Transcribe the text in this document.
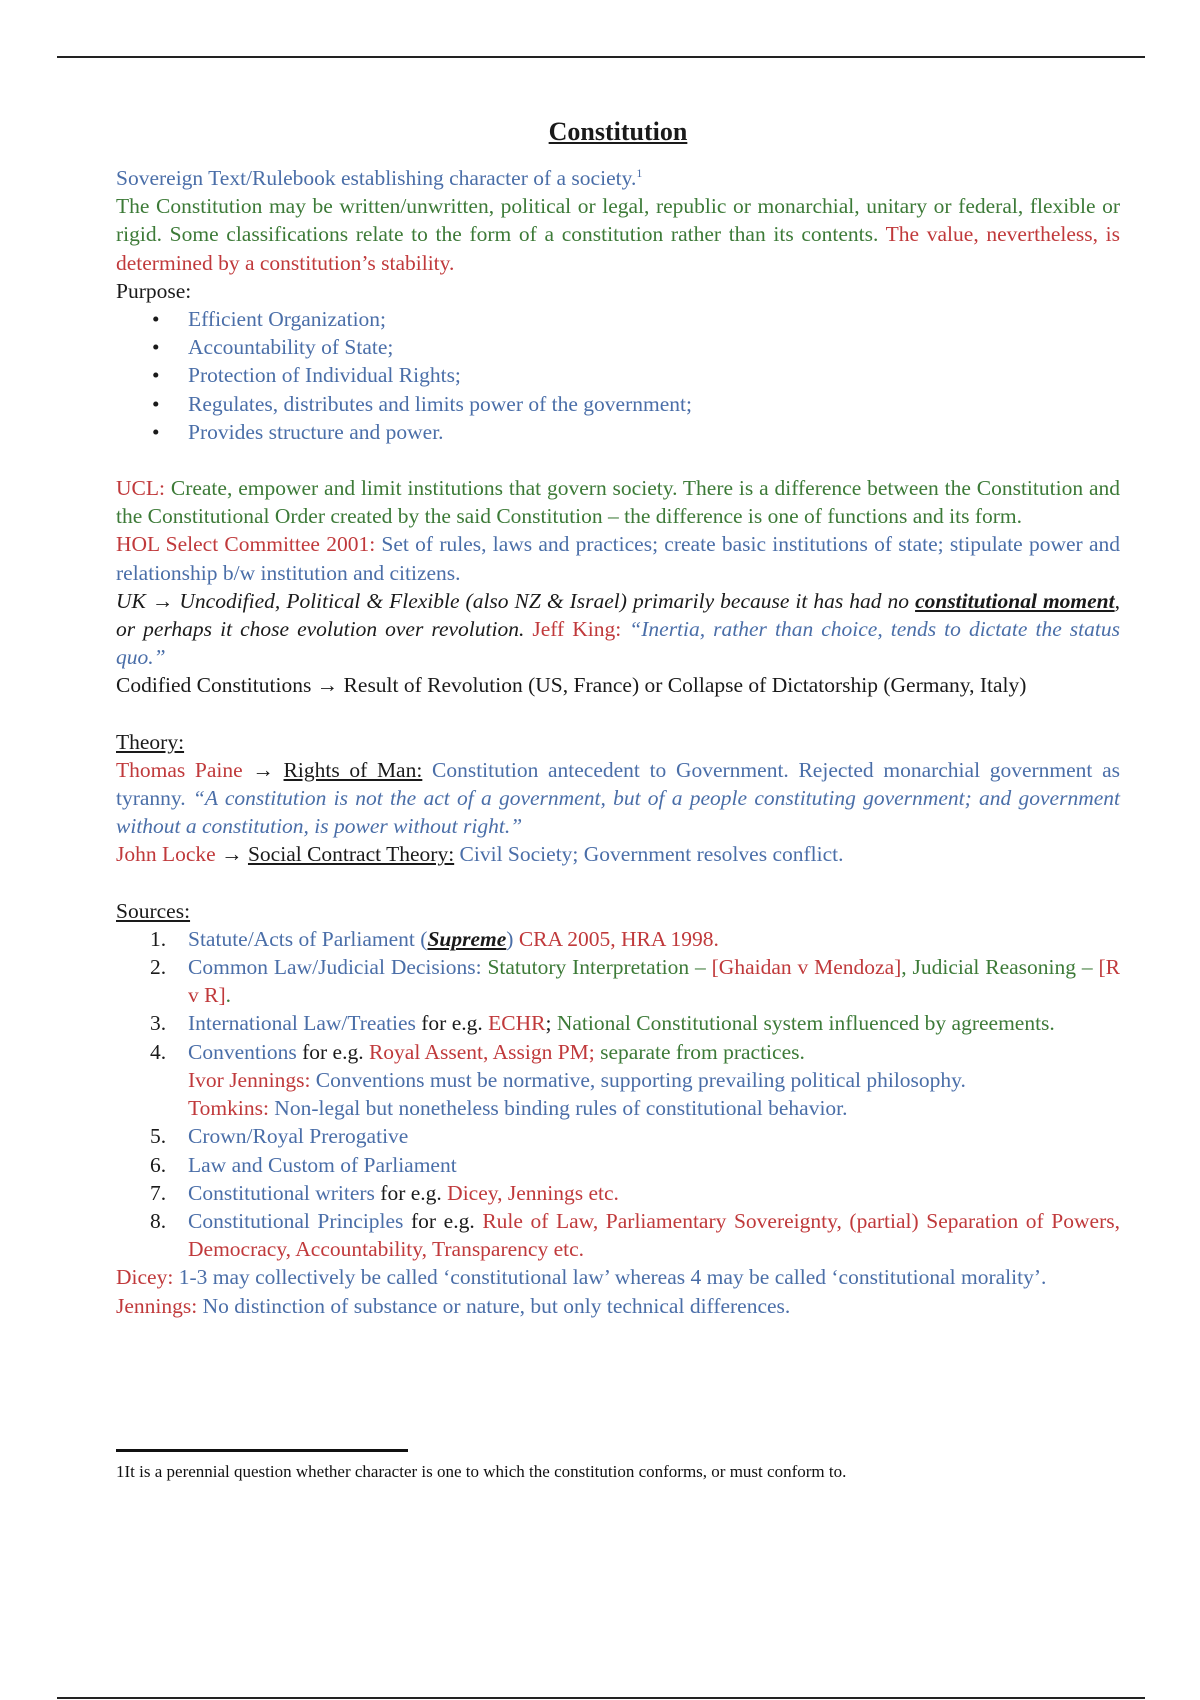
Constitution

Sovereign Text/Rulebook establishing character of a society.$^1$
The Constitution may be written/unwritten, political or legal, republic or monarchial, unitary or federal, flexible or rigid. Some classifications relate to the form of a constitution rather than its contents. The value, nevertheless, is determined by a constitution’s stability.

Purpose:

• Efficient Organization;
• Accountability of State;
• Protection of Individual Rights;
• Regulates, distributes and limits power of the government;
• Provides structure and power.

UCL: Create, empower and limit institutions that govern society. There is a difference between the Constitution and the Constitutional Order created by the said Constitution – the difference is one of functions and its form.

HOL Select Committee 2001: Set of rules, laws and practices; create basic institutions of state; stipulate power and relationship b/w institution and citizens.

UK → Uncodified, Political & Flexible (also NZ & Israel) primarily because it has had no constitutional moment, or perhaps it chose evolution over revolution. Jeff King: “Inertia, rather than choice, tends to dictate the status quo.”

Codified Constitutions → Result of Revolution (US, France) or Collapse of Dictatorship (Germany, Italy)

Theory:

Thomas Paine → Rights of Man: Constitution antecedent to Government. Rejected monarchial government as tyranny. “A constitution is not the act of a government, but of a people constituting government; and government without a constitution, is power without right.”

John Locke → Social Contract Theory: Civil Society; Government resolves conflict.

Sources:

1. Statute/Acts of Parliament (Supreme) CRA 2005, HRA 1998.
2. Common Law/Judicial Decisions: Statutory Interpretation – [Ghaidan v Mendoza], Judicial Reasoning – [R v R].
3. International Law/Treaties for e.g. ECHR; National Constitutional system influenced by agreements.
4. Conventions for e.g. Royal Assent, Assign PM; separate from practices.
Ivor Jennings: Conventions must be normative, supporting prevailing political philosophy.
Tomkins: Non-legal but nonetheless binding rules of constitutional behavior.
5. Crown/Royal Prerogative
6. Law and Custom of Parliament
7. Constitutional writers for e.g. Dicey, Jennings etc.
8. Constitutional Principles for e.g. Rule of Law, Parliamentary Sovereignty, (partial) Separation of Powers, Democracy, Accountability, Transparency etc.

Dicey: 1-3 may collectively be called ‘constitutional law’ whereas 4 may be called ‘constitutional morality’.

Jennings: No distinction of substance or nature, but only technical differences.

1It is a perennial question whether character is one to which the constitution conforms, or must conform to.
